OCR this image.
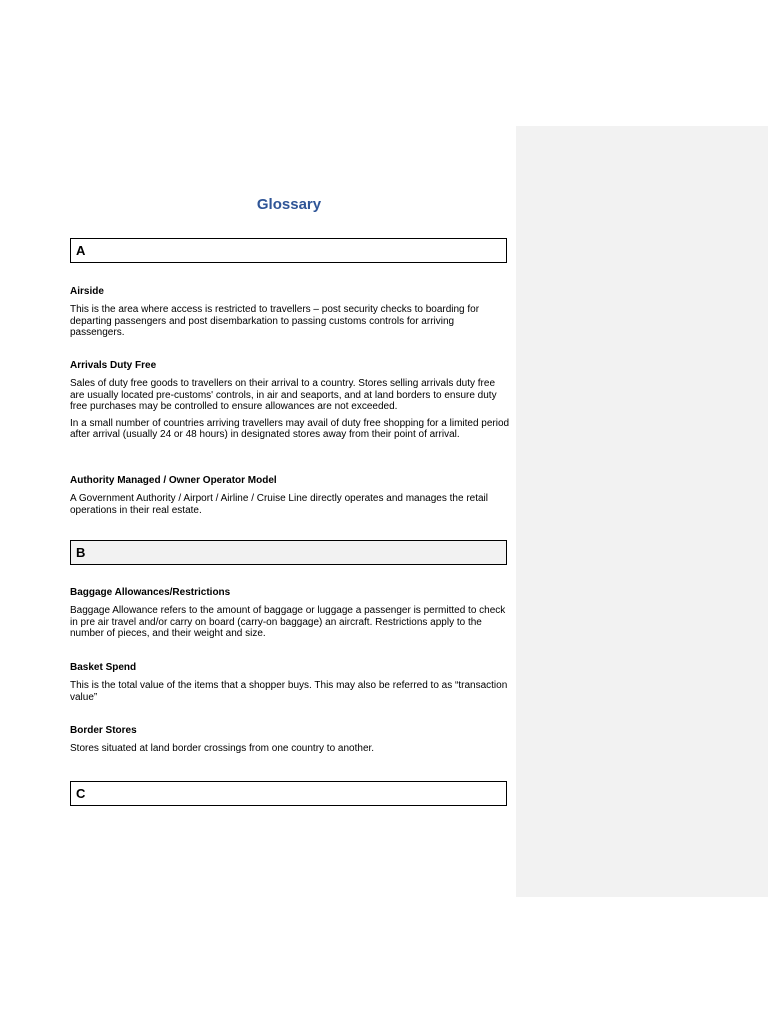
Glossary
A

Airside

This is the area where access is restricted to travellers – post security checks to boarding for departing passengers and post disembarkation to passing customs controls for arriving passengers.

Arrivals Duty Free

Sales of duty free goods to travellers on their arrival to a country. Stores selling arrivals duty free are usually located pre-customs' controls, in air and seaports, and at land borders to ensure duty free purchases may be controlled to ensure allowances are not exceeded.

In a small number of countries arriving travellers may avail of duty free shopping for a limited period after arrival (usually 24 or 48 hours) in designated stores away from their point of arrival.

Authority Managed / Owner Operator Model

A Government Authority / Airport / Airline / Cruise Line directly operates and manages the retail operations in their real estate.

B

Baggage Allowances/Restrictions

Baggage Allowance refers to the amount of baggage or luggage a passenger is permitted to check in pre air travel and/or carry on board (carry-on baggage) an aircraft. Restrictions apply to the number of pieces, and their weight and size.

Basket Spend

This is the total value of the items that a shopper buys. This may also be referred to as “transaction value”

Border Stores

Stores situated at land border crossings from one country to another.

C
